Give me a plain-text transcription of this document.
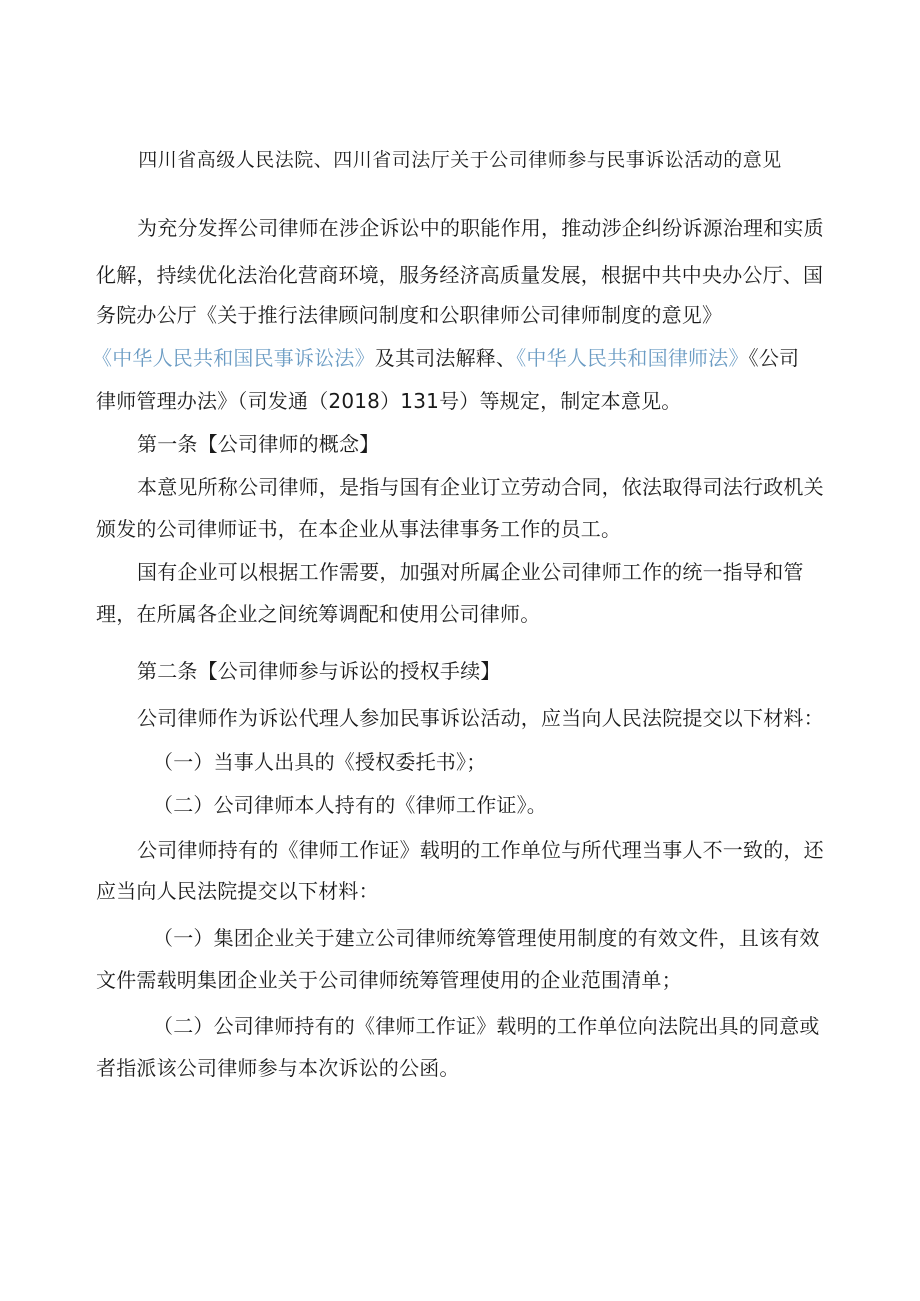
四川省高级人民法院、四川省司法厅关于公司律师参与民事诉讼活动的意见
为充分发挥公司律师在涉企诉讼中的职能作用，推动涉企纠纷诉源治理和实质
化解，持续优化法治化营商环境，服务经济高质量发展，根据中共中央办公厅、国
务院办公厅《关于推行法律顾问制度和公职律师公司律师制度的意见》
《中华人民共和国民事诉讼法》及其司法解释、《中华人民共和国律师法》《公司
律师管理办法》（司发通（2018）131号）等规定，制定本意见。
第一条【公司律师的概念】
本意见所称公司律师，是指与国有企业订立劳动合同，依法取得司法行政机关
颁发的公司律师证书，在本企业从事法律事务工作的员工。
国有企业可以根据工作需要，加强对所属企业公司律师工作的统一指导和管
理，在所属各企业之间统筹调配和使用公司律师。
第二条【公司律师参与诉讼的授权手续】
公司律师作为诉讼代理人参加民事诉讼活动，应当向人民法院提交以下材料：
（一）当事人出具的《授权委托书》；
（二）公司律师本人持有的《律师工作证》。
公司律师持有的《律师工作证》载明的工作单位与所代理当事人不一致的，还
应当向人民法院提交以下材料：
（一）集团企业关于建立公司律师统筹管理使用制度的有效文件，且该有效
文件需载明集团企业关于公司律师统筹管理使用的企业范围清单；
（二）公司律师持有的《律师工作证》载明的工作单位向法院出具的同意或
者指派该公司律师参与本次诉讼的公函。
